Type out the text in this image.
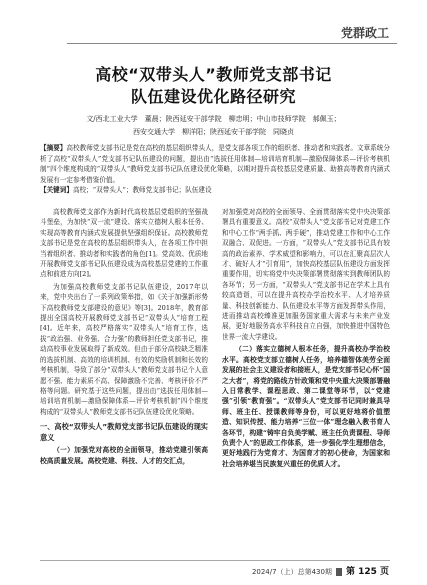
党群政工
高校“双带头人”教师党支部书记
队伍建设优化路径研究
文/西北工业大学　董晨；陕西延安干部学院　柳忠明；中山市技师学院　郝佩玉；
西安交通大学　柳洋阳；陕西延安干部学院　同晓贞
【摘要】高校教师党支部书记是党在高校的基层组织带头人，是党支部各项工作的组织者、推动者和实践者。文章系统分析了高校“双带头人”党支部书记队伍建设的问题，提出由“选拔任用体制—培训培育机制—激励保障体系—评价考核机制”四个维度构成的“双带头人”教师党支部书记队伍建设优化策略，以期对提升高校基层党建质量、助推高等教育内涵式发展有一定参考借鉴价值。
【关键词】高校；“双带头人”；教师党支部书记；队伍建设

高校教师党支部作为新时代高校基层党组织的坚强战斗堡垒，为加快“双一流”建设、落实立德树人根本任务、实现高等教育内涵式发展提供坚强组织保证。高校教师党支部书记是党在高校的基层组织带头人，在各项工作中担当着组织者、推动者和实践者的角色[1]。党高效、优质地开展教师党支部书记队伍建设成为高校基层党建的工作重点和前进方向[2]。

为加强高校教师党支部书记队伍建设，2017年以来，党中央出台了一系列政策举措，如《关于加强新形势下高校教师党支部建设的意见》等[3]。2018年，教育部提出全国高校开展教师党支部书记“双带头人”培育工程[4]。近年来，高校严格落实“双带头人”培育工作，选拔“政治强、业务强、合力强”的教师担任党支部书记，推动高校事业发展取得了新成效。但由于部分高校缺乏精准的选拔机制、高效的培训机制、有效的奖励机制和长效的考核机制，导致了部分“双带头人”教师党支部书记个人意愿不强、能力素质不高、保障激励不完善、考核评价不严格等问题。研究基于这些问题，提出由“选拔任用体制—培训培育机制—激励保障体系—评价考核机制”四个维度构成的“双带头人”教师党支部书记队伍建设优化策略。

一、高校“双带头人”教师党支部书记队伍建设的现实意义

（一）加强党对高校的全面领导，推动党建引领高校高质量发展。高校党建、科技、人才的交汇点，

对加强党对高校的全面领导、全面贯彻落实党中央决策部署具有重要意义。高校“双带头人”党支部书记对党建工作和中心工作“两手抓、两手硬”，推动党建工作和中心工作双融合、双促进。一方面，“双带头人”党支部书记具有较高的政治素养、学术威望和影响力，可以在汇聚高层次人才、破好人才“引育用”，加快高校基层队伍建设方面发挥重要作用，切实将党中央决策部署贯彻落实到教师团队的各环节；另一方面，“双带头人”党支部书记在学术上具有较高造诣，可以在提升高校办学治校水平、人才培养质量、科技创新能力、队伍建设水平等方面发挥带头作用，进而推动高校臻准更加服务国家重大需求与未来产业发展，更好地服务高水平科技自立自强，加快推进中国特色世界一流大学建设。

（二）落实立德树人根本任务，提升高校办学治校水平。高校党支部立德树人任务，培养德智体美劳全面发展的社会主义建设者和接班人，是党支部书记心怀“国之大者”，将党的路线方针政策和党中央重大决策部署融入日常教学、课程思政、第二课堂等环节，以“党建强”引领“教育强”。“双带头人”党支部书记同时兼具导师、班主任、授课教师等身份，可以更好地将价值塑造、知识传授、能力培养“三位一体”理念融入教书育人各环节，构建“铸牢自负美学赋、班主任负责课程、导师负责个人”的思政工作体系，进一步强化学生理想信念，更好地践行为党育才、为国育才的初心使命，为国家和社会培养堪当民族复兴重任的优质人才。

2024/7（上）总第430期 第 125 页
